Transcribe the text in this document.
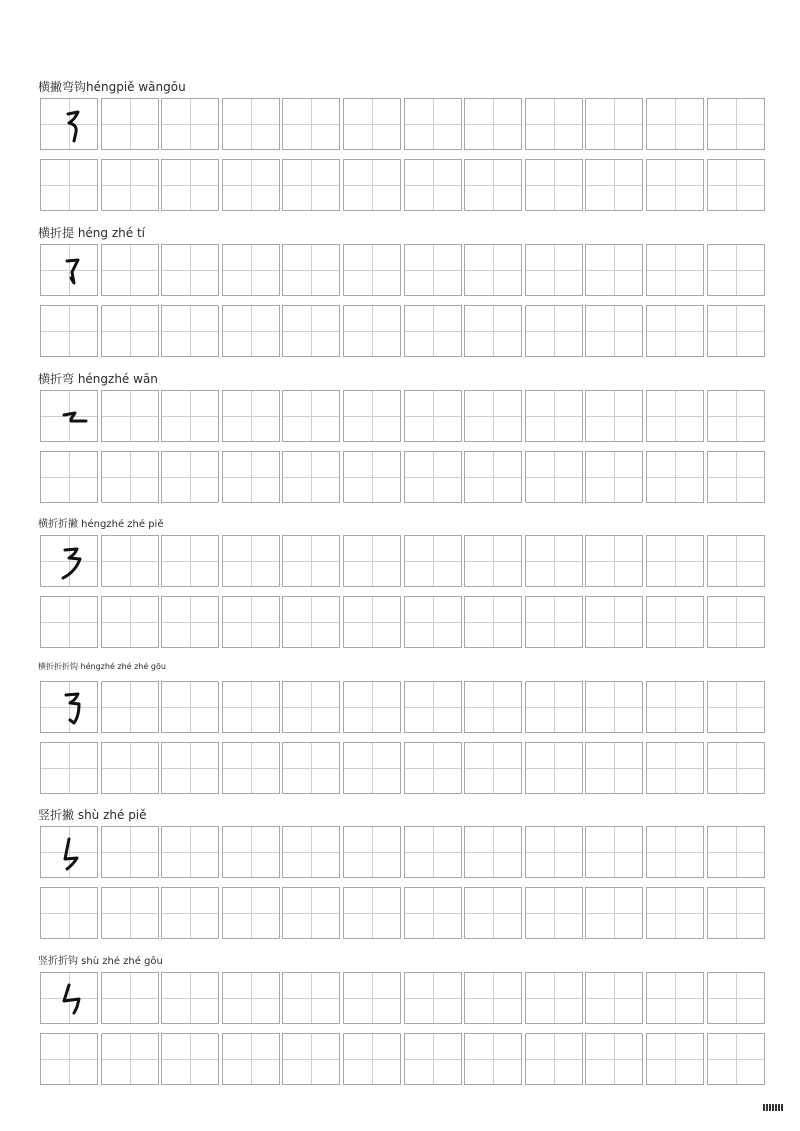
横撇弯钩héngpiě wāngōu
横折提 héng zhé tí
横折弯 héngzhé wān
横折折撇 héngzhé zhé piě
横折折折钩 héngzhé zhé zhé gōu
竖折撇 shù zhé piě
竖折折钩 shù zhé zhé gōu
